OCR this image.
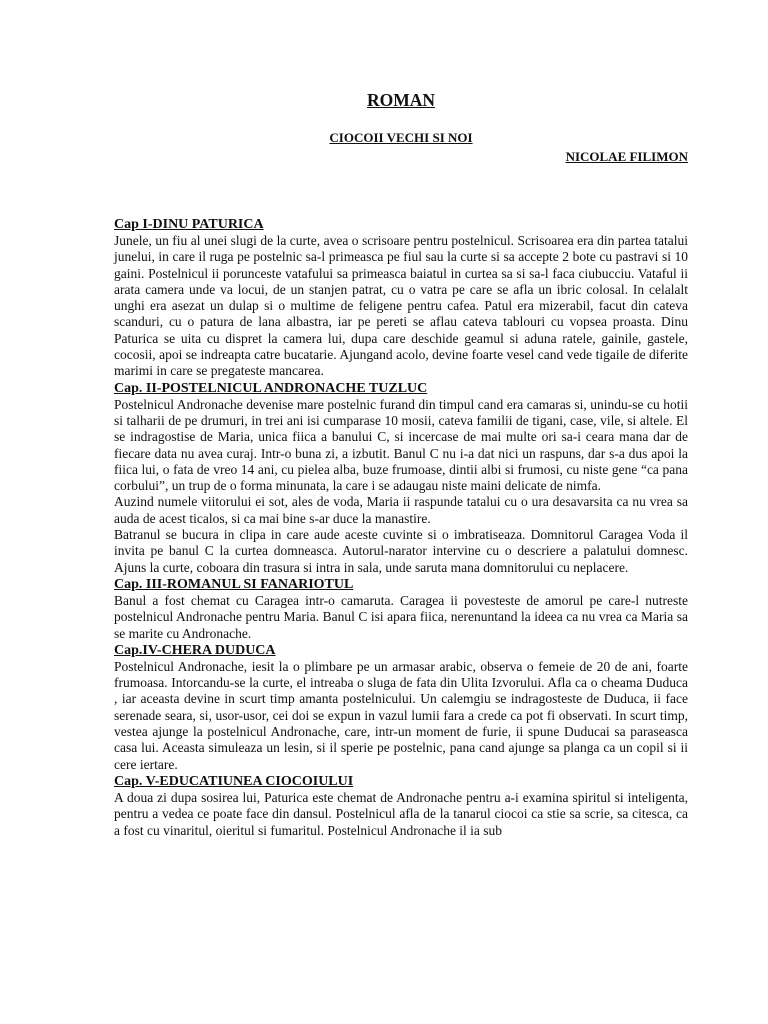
ROMAN
CIOCOII VECHI SI NOI
NICOLAE FILIMON
Cap I-DINU PATURICA

Junele, un fiu al unei slugi de la curte, avea o scrisoare pentru postelnicul. Scrisoarea era din partea tatalui junelui, in care il ruga pe postelnic sa-l primeasca pe fiul sau la curte si sa accepte 2 bote cu pastravi si 10 gaini. Postelnicul ii porunceste vatafului sa primeasca baiatul in curtea sa si sa-l faca ciubucciu. Vataful ii arata camera unde va locui, de un stanjen patrat, cu o vatra pe care se afla un ibric colosal. In celalalt unghi era asezat un dulap si o multime de feligene pentru cafea. Patul era mizerabil, facut din cateva scanduri, cu o patura de lana albastra, iar pe pereti se aflau cateva tablouri cu vopsea proasta. Dinu Paturica se uita cu dispret la camera lui, dupa care deschide geamul si aduna ratele, gainile, gastele, cocosii, apoi se indreapta catre bucatarie. Ajungand acolo, devine foarte vesel cand vede tigaile de diferite marimi in care se pregateste mancarea.

Cap. II-POSTELNICUL ANDRONACHE TUZLUC

Postelnicul Andronache devenise mare postelnic furand din timpul cand era camaras si, unindu-se cu hotii si talharii de pe drumuri, in trei ani isi cumparase 10 mosii, cateva familii de tigani, case, vile, si altele. El se indragostise de Maria, unica fiica a banului C, si incercase de mai multe ori sa-i ceara mana dar de fiecare data nu avea curaj. Intr-o buna zi, a izbutit. Banul C nu i-a dat nici un raspuns, dar s-a dus apoi la fiica lui, o fata de vreo 14 ani, cu pielea alba, buze frumoase, dintii albi si frumosi, cu niste gene “ca pana corbului”, un trup de o forma minunata, la care i se adaugau niste maini delicate de nimfa.

Auzind numele viitorului ei sot, ales de voda, Maria ii raspunde tatalui cu o ura desavarsita ca nu vrea sa auda de acest ticalos, si ca mai bine s-ar duce la manastire.

Batranul se bucura in clipa in care aude aceste cuvinte si o imbratiseaza. Domnitorul Caragea Voda il invita pe banul C la curtea domneasca. Autorul-narator intervine cu o descriere a palatului domnesc. Ajuns la curte, coboara din trasura si intra in sala, unde saruta mana domnitorului cu neplacere.

Cap. III-ROMANUL SI FANARIOTUL

Banul a fost chemat cu Caragea intr-o camaruta. Caragea ii povesteste de amorul pe care-l nutreste postelnicul Andronache pentru Maria. Banul C isi apara fiica, nerenuntand la ideea ca nu vrea ca Maria sa se marite cu Andronache.

Cap.IV-CHERA DUDUCA

Postelnicul Andronache, iesit la o plimbare pe un armasar arabic, observa o femeie de 20 de ani, foarte frumoasa. Intorcandu-se la curte, el intreaba o sluga de fata din Ulita Izvorului. Afla ca o cheama Duduca , iar aceasta devine in scurt timp amanta postelnicului. Un calemgiu se indragosteste de Duduca, ii face serenade seara, si, usor-usor, cei doi se expun in vazul lumii fara a crede ca pot fi observati. In scurt timp, vestea ajunge la postelnicul Andronache, care, intr-un moment de furie, ii spune Duducai sa paraseasca casa lui. Aceasta simuleaza un lesin, si il sperie pe postelnic, pana cand ajunge sa planga ca un copil si ii cere iertare.

Cap. V-EDUCATIUNEA CIOCOIULUI

A doua zi dupa sosirea lui, Paturica este chemat de Andronache pentru a-i examina spiritul si inteligenta, pentru a vedea ce poate face din dansul. Postelnicul afla de la tanarul ciocoi ca stie sa scrie, sa citesca, ca a fost cu vinaritul, oieritul si fumaritul. Postelnicul Andronache il ia sub
